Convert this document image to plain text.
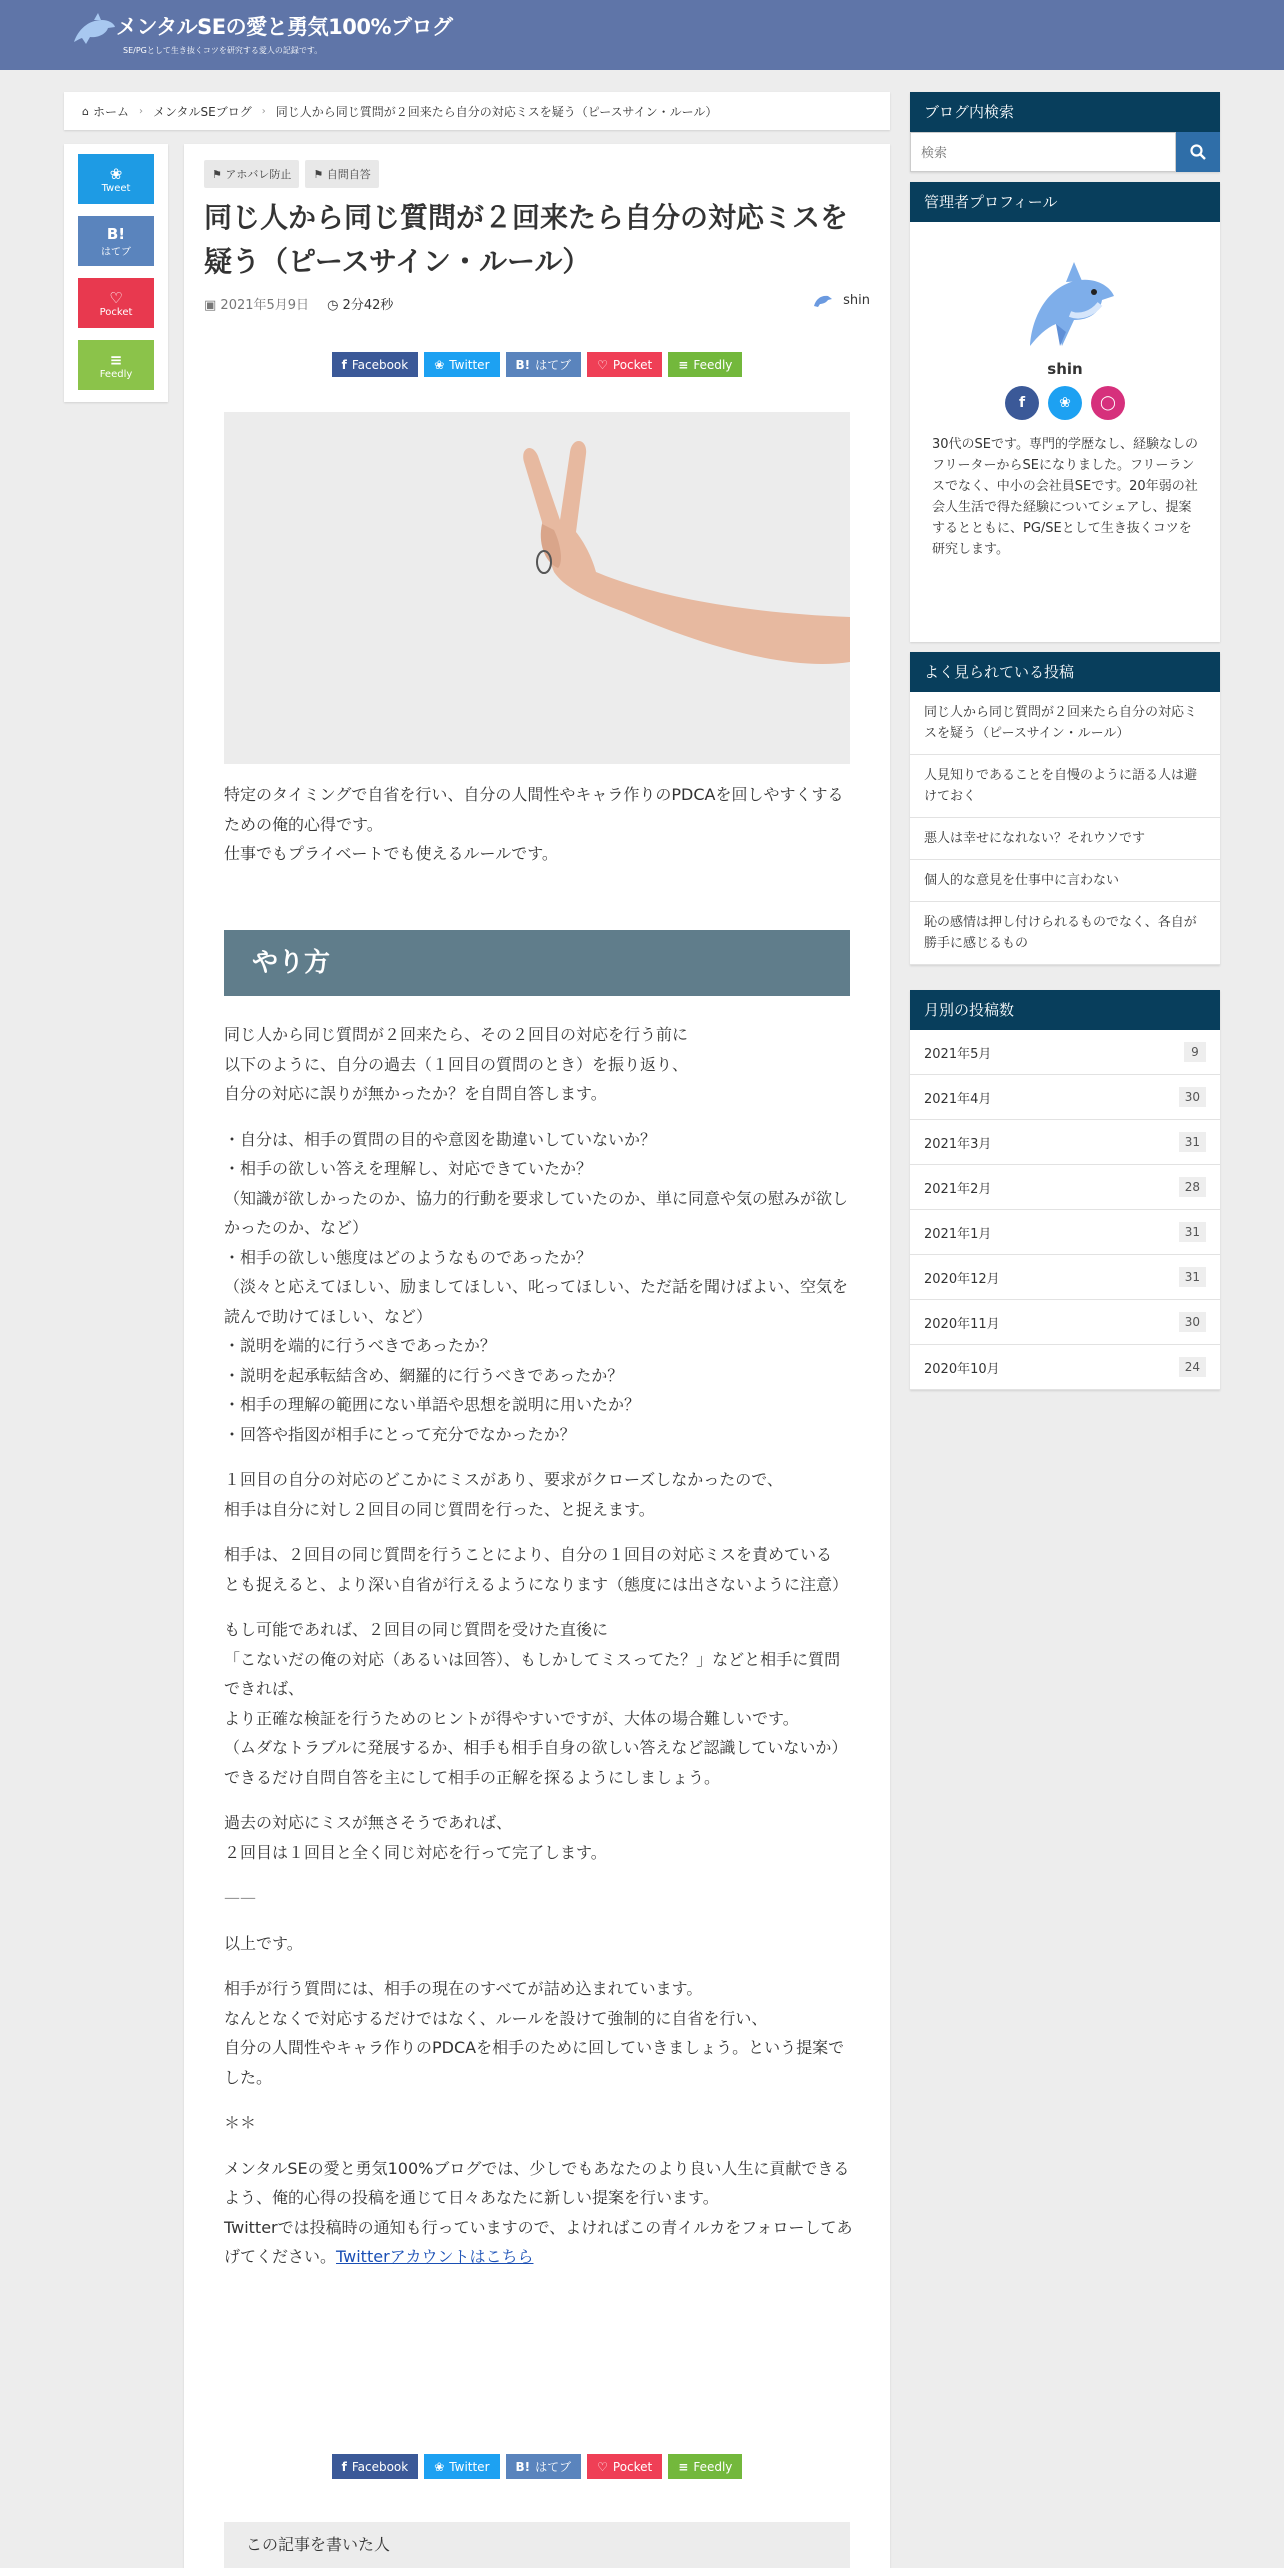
メンタルSEの愛と勇気100%ブログ
SE/PGとして生き抜くコツを研究する愛人の記録です。
⌂ ホーム › メンタルSEブログ › 同じ人から同じ質問が２回来たら自分の対応ミスを疑う（ピースサイン・ルール）
❀
Tweet
B!
はてブ
♡
Pocket
≡
Feedly
⚑ アホバレ防止	⚑ 自問自答
同じ人から同じ質問が２回来たら自分の対応ミスを疑う（ピースサイン・ルール）
▣ 2021年5月9日 ◷ 2分42秒	shin
f Facebook ❀ Twitter B! はてブ ♡ Pocket ≡ Feedly

特定のタイミングで自省を行い、自分の人間性やキャラ作りのPDCAを回しやすくするための俺的心得です。
仕事でもプライベートでも使えるルールです。

やり方

同じ人から同じ質問が２回来たら、その２回目の対応を行う前に
以下のように、自分の過去（１回目の質問のとき）を振り返り、
自分の対応に誤りが無かったか？を自問自答します。

・自分は、相手の質問の目的や意図を勘違いしていないか？
・相手の欲しい答えを理解し、対応できていたか？
（知識が欲しかったのか、協力的行動を要求していたのか、単に同意や気の慰みが欲しかったのか、など）
・相手の欲しい態度はどのようなものであったか？
（淡々と応えてほしい、励ましてほしい、叱ってほしい、ただ話を聞けばよい、空気を読んで助けてほしい、など）
・説明を端的に行うべきであったか？
・説明を起承転結含め、網羅的に行うべきであったか？
・相手の理解の範囲にない単語や思想を説明に用いたか？
・回答や指図が相手にとって充分でなかったか？

１回目の自分の対応のどこかにミスがあり、要求がクローズしなかったので、
相手は自分に対し２回目の同じ質問を行った、と捉えます。

相手は、２回目の同じ質問を行うことにより、自分の１回目の対応ミスを責めている
とも捉えると、より深い自省が行えるようになります（態度には出さないように注意）

もし可能であれば、２回目の同じ質問を受けた直後に
「こないだの俺の対応（あるいは回答）、もしかしてミスってた？」などと相手に質問できれば、
より正確な検証を行うためのヒントが得やすいですが、大体の場合難しいです。
（ムダなトラブルに発展するか、相手も相手自身の欲しい答えなど認識していないか）
できるだけ自問自答を主にして相手の正解を探るようにしましょう。

過去の対応にミスが無さそうであれば、
２回目は１回目と全く同じ対応を行って完了します。

——

以上です。

相手が行う質問には、相手の現在のすべてが詰め込まれています。
なんとなくで対応するだけではなく、ルールを設けて強制的に自省を行い、
自分の人間性やキャラ作りのPDCAを相手のために回していきましょう。という提案でした。

＊＊

メンタルSEの愛と勇気100%ブログでは、少しでもあなたのより良い人生に貢献できるよう、俺的心得の投稿を通じて日々あなたに新しい提案を行います。
Twitterでは投稿時の通知も行っていますので、よければこの青イルカをフォローしてあげてください。Twitterアカウントはこちら

f Facebook ❀ Twitter B! はてブ ♡ Pocket ≡ Feedly
この記事を書いた人
ブログ内検索
検索
管理者プロフィール
shin
f	❀	◯
30代のSEです。専門的学歴なし、経験なしのフリーターからSEになりました。フリーランスでなく、中小の会社員SEです。20年弱の社会人生活で得た経験についてシェアし、提案するとともに、PG/SEとして生き抜くコツを研究します。
よく見られている投稿
同じ人から同じ質問が２回来たら自分の対応ミスを疑う（ピースサイン・ルール）
人見知りであることを自慢のように語る人は避けておく
悪人は幸せになれない？それウソです
個人的な意見を仕事中に言わない
恥の感情は押し付けられるものでなく、各自が勝手に感じるもの
月別の投稿数
2021年5月	9
2021年4月	30
2021年3月	31
2021年2月	28
2021年1月	31
2020年12月	31
2020年11月	30
2020年10月	24
